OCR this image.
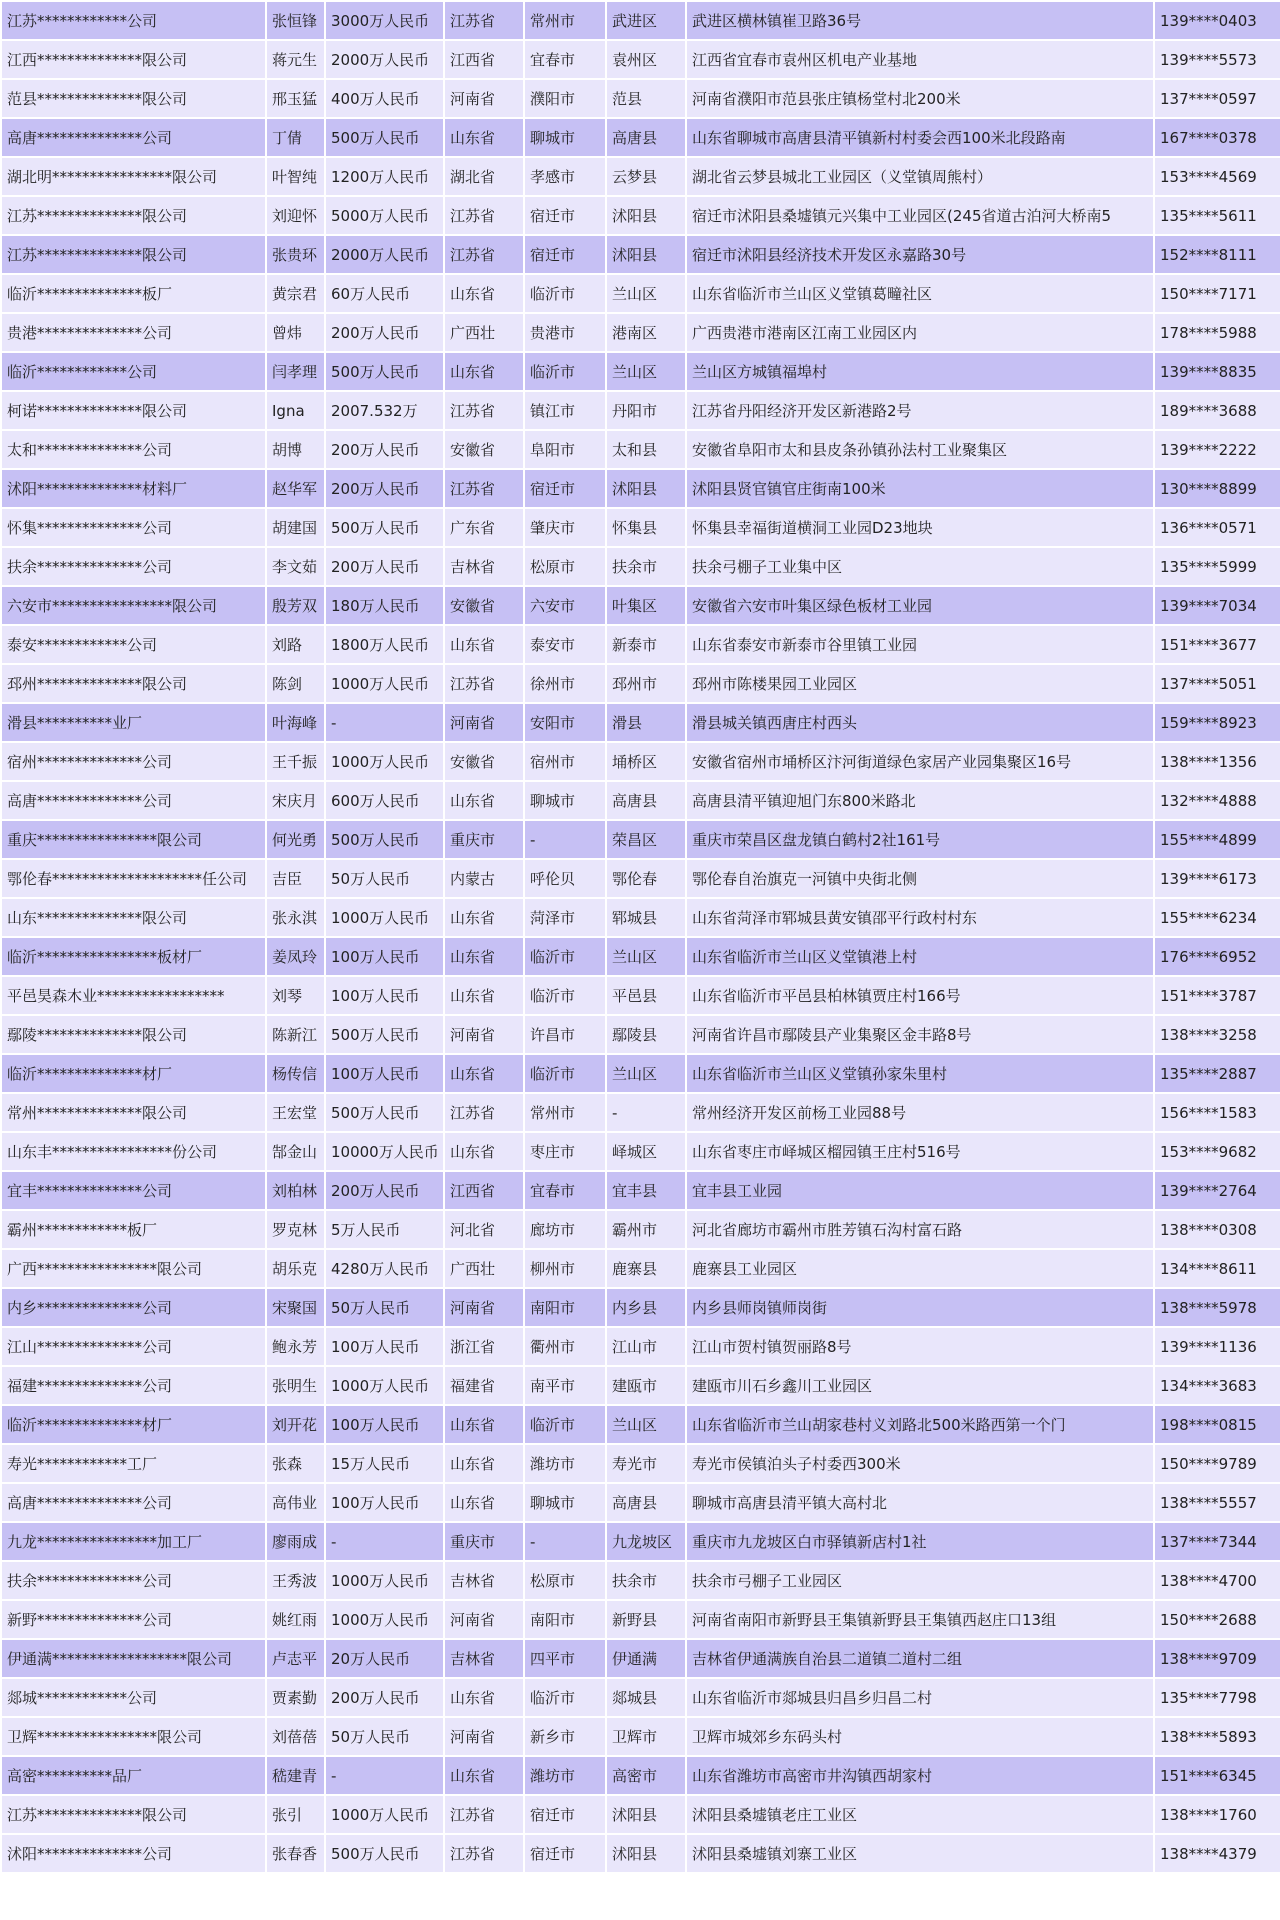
江苏************公司	张恒锋	3000万人民币	江苏省	常州市	武进区	武进区横林镇崔卫路36号	139****0403
江西**************限公司	蒋元生	2000万人民币	江西省	宜春市	袁州区	江西省宜春市袁州区机电产业基地	139****5573
范县**************限公司	邢玉猛	400万人民币	河南省	濮阳市	范县	河南省濮阳市范县张庄镇杨堂村北200米	137****0597
高唐**************公司	丁倩	500万人民币	山东省	聊城市	高唐县	山东省聊城市高唐县清平镇新村村委会西100米北段路南	167****0378
湖北明****************限公司	叶智纯	1200万人民币	湖北省	孝感市	云梦县	湖北省云梦县城北工业园区（义堂镇周熊村）	153****4569
江苏**************限公司	刘迎怀	5000万人民币	江苏省	宿迁市	沭阳县	宿迁市沭阳县桑墟镇元兴集中工业园区(245省道古泊河大桥南5	135****5611
江苏**************限公司	张贵环	2000万人民币	江苏省	宿迁市	沭阳县	宿迁市沭阳县经济技术开发区永嘉路30号	152****8111
临沂**************板厂	黄宗君	60万人民币	山东省	临沂市	兰山区	山东省临沂市兰山区义堂镇葛疃社区	150****7171
贵港**************公司	曾炜	200万人民币	广西壮	贵港市	港南区	广西贵港市港南区江南工业园区内	178****5988
临沂************公司	闫孝理	500万人民币	山东省	临沂市	兰山区	兰山区方城镇福埠村	139****8835
柯诺**************限公司	Igna	2007.532万	江苏省	镇江市	丹阳市	江苏省丹阳经济开发区新港路2号	189****3688
太和**************公司	胡博	200万人民币	安徽省	阜阳市	太和县	安徽省阜阳市太和县皮条孙镇孙法村工业聚集区	139****2222
沭阳**************材料厂	赵华军	200万人民币	江苏省	宿迁市	沭阳县	沭阳县贤官镇官庄街南100米	130****8899
怀集**************公司	胡建国	500万人民币	广东省	肇庆市	怀集县	怀集县幸福街道横洞工业园D23地块	136****0571
扶余**************公司	李文茹	200万人民币	吉林省	松原市	扶余市	扶余弓棚子工业集中区	135****5999
六安市****************限公司	殷芳双	180万人民币	安徽省	六安市	叶集区	安徽省六安市叶集区绿色板材工业园	139****7034
泰安************公司	刘路	1800万人民币	山东省	泰安市	新泰市	山东省泰安市新泰市谷里镇工业园	151****3677
邳州**************限公司	陈剑	1000万人民币	江苏省	徐州市	邳州市	邳州市陈楼果园工业园区	137****5051
滑县**********业厂	叶海峰	-	河南省	安阳市	滑县	滑县城关镇西唐庄村西头	159****8923
宿州**************公司	王千振	1000万人民币	安徽省	宿州市	埇桥区	安徽省宿州市埇桥区汴河街道绿色家居产业园集聚区16号	138****1356
高唐**************公司	宋庆月	600万人民币	山东省	聊城市	高唐县	高唐县清平镇迎旭门东800米路北	132****4888
重庆****************限公司	何光勇	500万人民币	重庆市	-	荣昌区	重庆市荣昌区盘龙镇白鹤村2社161号	155****4899
鄂伦春********************任公司	吉臣	50万人民币	内蒙古	呼伦贝	鄂伦春	鄂伦春自治旗克一河镇中央街北侧	139****6173
山东**************限公司	张永淇	1000万人民币	山东省	菏泽市	郓城县	山东省菏泽市郓城县黄安镇邵平行政村村东	155****6234
临沂****************板材厂	姜凤玲	100万人民币	山东省	临沂市	兰山区	山东省临沂市兰山区义堂镇港上村	176****6952
平邑昊森木业*****************	刘琴	100万人民币	山东省	临沂市	平邑县	山东省临沂市平邑县柏林镇贾庄村166号	151****3787
鄢陵**************限公司	陈新江	500万人民币	河南省	许昌市	鄢陵县	河南省许昌市鄢陵县产业集聚区金丰路8号	138****3258
临沂**************材厂	杨传信	100万人民币	山东省	临沂市	兰山区	山东省临沂市兰山区义堂镇孙家朱里村	135****2887
常州**************限公司	王宏堂	500万人民币	江苏省	常州市	-	常州经济开发区前杨工业园88号	156****1583
山东丰****************份公司	郜金山	10000万人民币	山东省	枣庄市	峄城区	山东省枣庄市峄城区榴园镇王庄村516号	153****9682
宜丰**************公司	刘柏林	200万人民币	江西省	宜春市	宜丰县	宜丰县工业园	139****2764
霸州************板厂	罗克林	5万人民币	河北省	廊坊市	霸州市	河北省廊坊市霸州市胜芳镇石沟村富石路	138****0308
广西****************限公司	胡乐克	4280万人民币	广西壮	柳州市	鹿寨县	鹿寨县工业园区	134****8611
内乡**************公司	宋聚国	50万人民币	河南省	南阳市	内乡县	内乡县师岗镇师岗街	138****5978
江山**************公司	鲍永芳	100万人民币	浙江省	衢州市	江山市	江山市贺村镇贺丽路8号	139****1136
福建**************公司	张明生	1000万人民币	福建省	南平市	建瓯市	建瓯市川石乡鑫川工业园区	134****3683
临沂**************材厂	刘开花	100万人民币	山东省	临沂市	兰山区	山东省临沂市兰山胡家巷村义刘路北500米路西第一个门	198****0815
寿光************工厂	张森	15万人民币	山东省	潍坊市	寿光市	寿光市侯镇泊头子村委西300米	150****9789
高唐**************公司	高伟业	100万人民币	山东省	聊城市	高唐县	聊城市高唐县清平镇大高村北	138****5557
九龙****************加工厂	廖雨成	-	重庆市	-	九龙坡区	重庆市九龙坡区白市驿镇新店村1社	137****7344
扶余**************公司	王秀波	1000万人民币	吉林省	松原市	扶余市	扶余市弓棚子工业园区	138****4700
新野**************公司	姚红雨	1000万人民币	河南省	南阳市	新野县	河南省南阳市新野县王集镇新野县王集镇西赵庄口13组	150****2688
伊通满******************限公司	卢志平	20万人民币	吉林省	四平市	伊通满	吉林省伊通满族自治县二道镇二道村二组	138****9709
郯城************公司	贾素勤	200万人民币	山东省	临沂市	郯城县	山东省临沂市郯城县归昌乡归昌二村	135****7798
卫辉****************限公司	刘蓓蓓	50万人民币	河南省	新乡市	卫辉市	卫辉市城郊乡东码头村	138****5893
高密**********品厂	嵇建青	-	山东省	潍坊市	高密市	山东省潍坊市高密市井沟镇西胡家村	151****6345
江苏**************限公司	张引	1000万人民币	江苏省	宿迁市	沭阳县	沭阳县桑墟镇老庄工业区	138****1760
沭阳**************公司	张春香	500万人民币	江苏省	宿迁市	沭阳县	沭阳县桑墟镇刘寨工业区	138****4379
